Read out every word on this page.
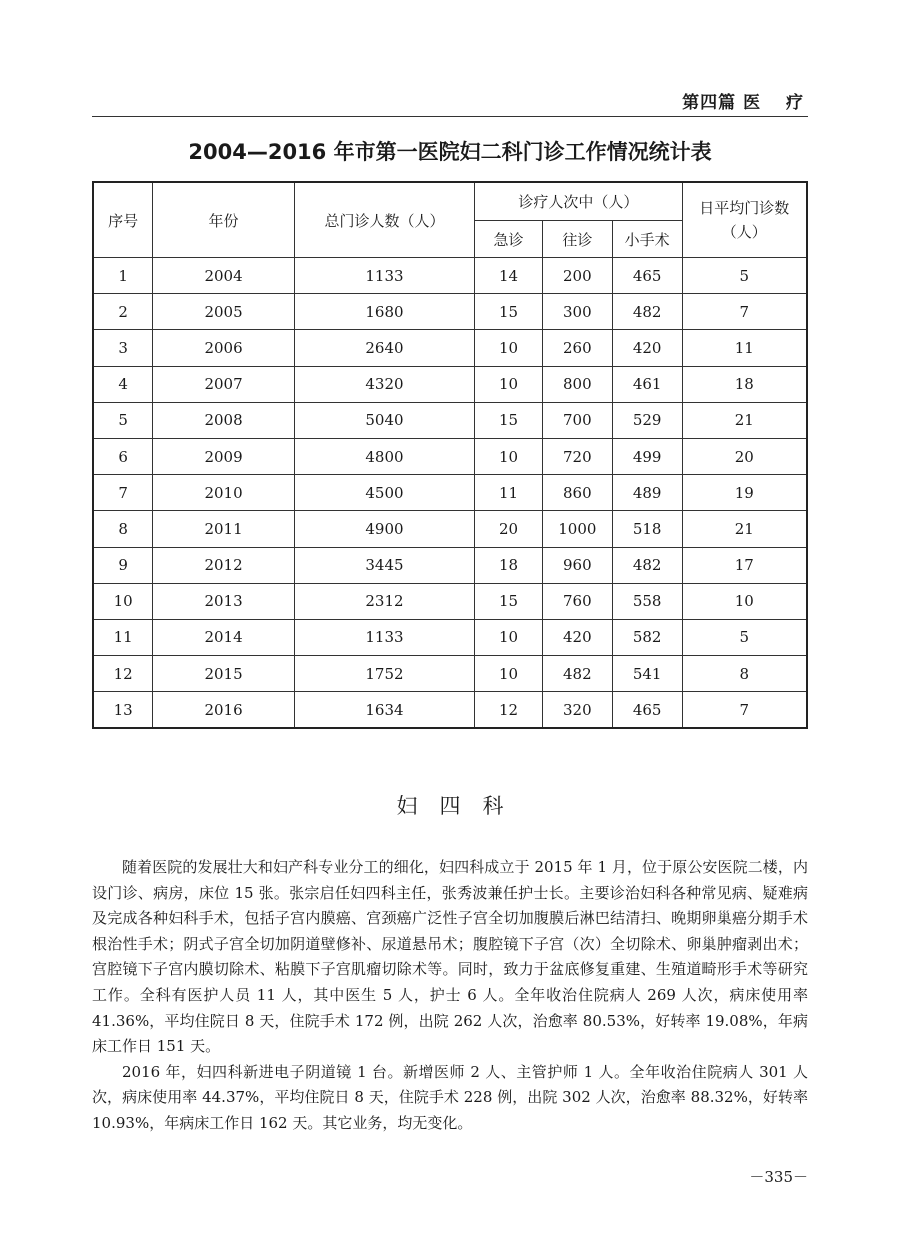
第四篇 医　 疗
2004—2016 年市第一医院妇二科门诊工作情况统计表
序号	年份	总门诊人数（人）	诊疗人次中（人）			日平均门诊数（人）
			急诊	往诊	小手术	
1	2004	1133	14	200	465	5
2	2005	1680	15	300	482	7
3	2006	2640	10	260	420	11
4	2007	4320	10	800	461	18
5	2008	5040	15	700	529	21
6	2009	4800	10	720	499	20
7	2010	4500	11	860	489	19
8	2011	4900	20	1000	518	21
9	2012	3445	18	960	482	17
10	2013	2312	15	760	558	10
11	2014	1133	10	420	582	5
12	2015	1752	10	482	541	8
13	2016	1634	12	320	465	7
妇四科

随着医院的发展壮大和妇产科专业分工的细化，妇四科成立于 2015 年 1 月，位于原公安医院二楼，内设门诊、病房，床位 15 张。张宗启任妇四科主任，张秀波兼任护士长。主要诊治妇科各种常见病、疑难病及完成各种妇科手术，包括子宫内膜癌、宫颈癌广泛性子宫全切加腹膜后淋巴结清扫、晚期卵巢癌分期手术根治性手术；阴式子宫全切加阴道壁修补、尿道悬吊术；腹腔镜下子宫（次）全切除术、卵巢肿瘤剥出术；宫腔镜下子宫内膜切除术、粘膜下子宫肌瘤切除术等。同时，致力于盆底修复重建、生殖道畸形手术等研究工作。全科有医护人员 11 人，其中医生 5 人，护士 6 人。全年收治住院病人 269 人次，病床使用率 41.36%，平均住院日 8 天，住院手术 172 例，出院 262 人次，治愈率 80.53%，好转率 19.08%，年病床工作日 151 天。

2016 年，妇四科新进电子阴道镜 1 台。新增医师 2 人、主管护师 1 人。全年收治住院病人 301 人次，病床使用率 44.37%，平均住院日 8 天，住院手术 228 例，出院 302 人次，治愈率 88.32%，好转率 10.93%，年病床工作日 162 天。其它业务，均无变化。

－335－
